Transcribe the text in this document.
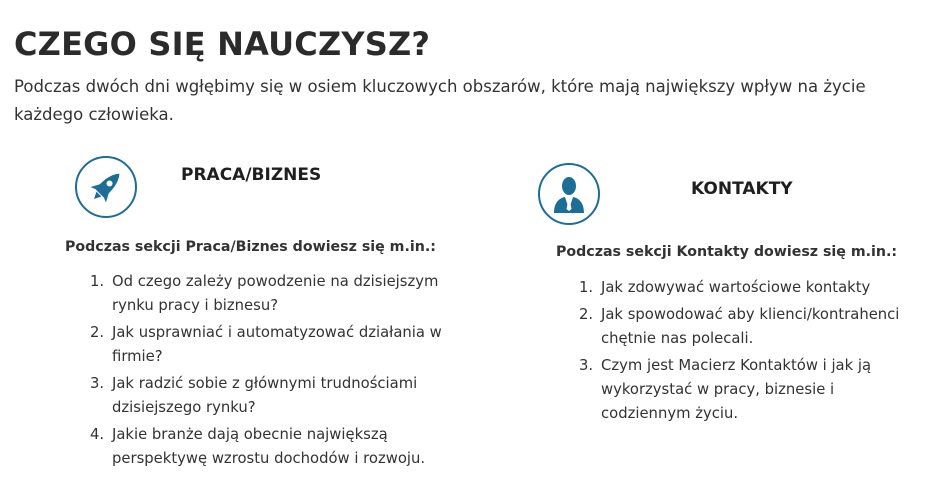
CZEGO SIĘ NAUCZYSZ?

Podczas dwóch dni wgłębimy się w osiem kluczowych obszarów, które mają największy wpływ na życie każdego człowieka.

PRACA/BIZNES

Podczas sekcji Praca/Biznes dowiesz się m.in.:

1. Od czego zależy powodzenie na dzisiejszym rynku pracy i biznesu?
2. Jak usprawniać i automatyzować działania w firmie?
3. Jak radzić sobie z głównymi trudnościami dzisiejszego rynku?
4. Jakie branże dają obecnie największą perspektywę wzrostu dochodów i rozwoju.
KONTAKTY

Podczas sekcji Kontakty dowiesz się m.in.:

1. Jak zdowywać wartościowe kontakty
2. Jak spowodować aby klienci/kontrahenci chętnie nas polecali.
3. Czym jest Macierz Kontaktów i jak ją wykorzystać w pracy, biznesie i codziennym życiu.
